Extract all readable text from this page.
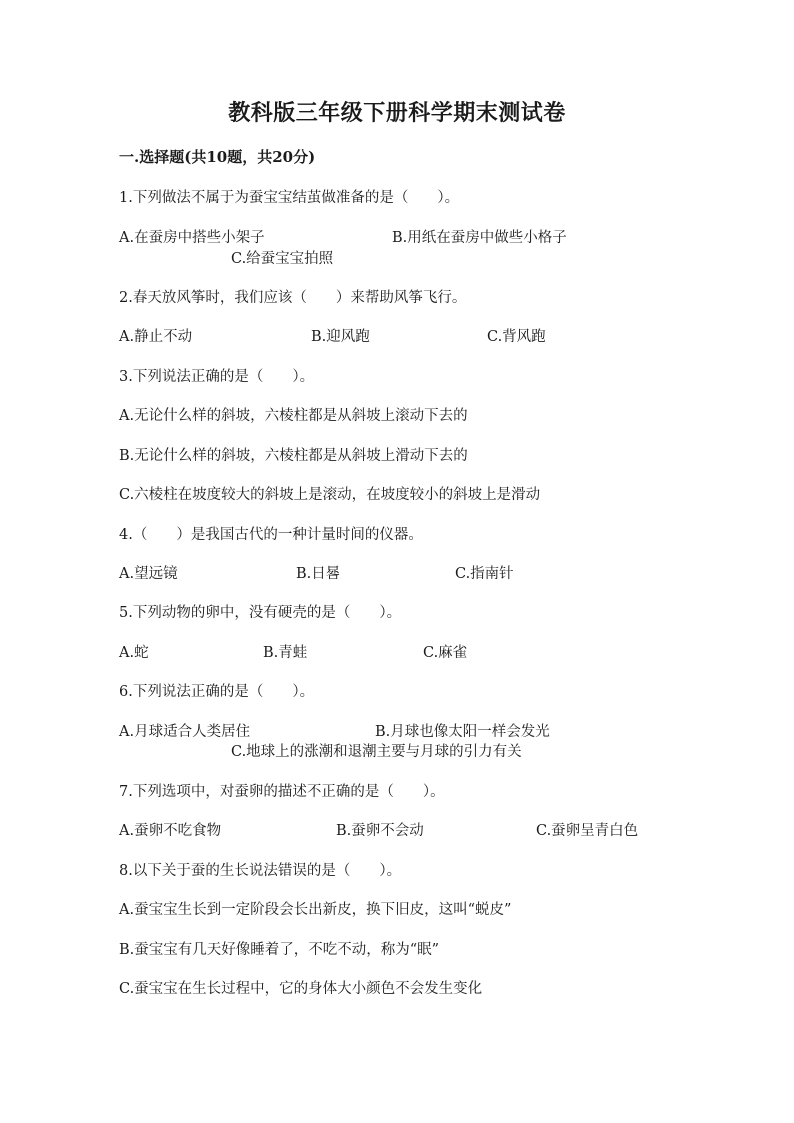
教科版三年级下册科学期末测试卷
一.选择题(共10题，共20分)
1.下列做法不属于为蚕宝宝结茧做准备的是（　　）。
A.在蚕房中搭些小架子	B.用纸在蚕房中做些小格子
C.给蚕宝宝拍照
2.春天放风筝时，我们应该（　　）来帮助风筝飞行。
A.静止不动	B.迎风跑	C.背风跑
3.下列说法正确的是（　　）。
A.无论什么样的斜坡，六棱柱都是从斜坡上滚动下去的
B.无论什么样的斜坡，六棱柱都是从斜坡上滑动下去的
C.六棱柱在坡度较大的斜坡上是滚动，在坡度较小的斜坡上是滑动
4.（　　）是我国古代的一种计量时间的仪器。
A.望远镜	B.日晷	C.指南针
5.下列动物的卵中，没有硬壳的是（　　）。
A.蛇	B.青蛙	C.麻雀
6.下列说法正确的是（　　）。
A.月球适合人类居住	B.月球也像太阳一样会发光
C.地球上的涨潮和退潮主要与月球的引力有关
7.下列选项中，对蚕卵的描述不正确的是（　　）。
A.蚕卵不吃食物	B.蚕卵不会动	C.蚕卵呈青白色
8.以下关于蚕的生长说法错误的是（　　）。
A.蚕宝宝生长到一定阶段会长出新皮，换下旧皮，这叫“蜕皮”
B.蚕宝宝有几天好像睡着了，不吃不动，称为“眠”
C.蚕宝宝在生长过程中，它的身体大小颜色不会发生变化
